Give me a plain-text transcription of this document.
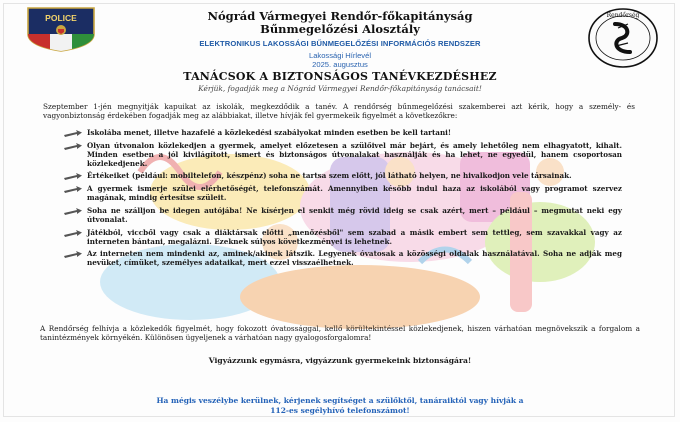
POLICE	Rendőrség
Nógrád Vármegyei Rendőr-főkapitányság
Bűnmegelőzési Alosztály
ELEKTRONIKUS LAKOSSÁGI BŰNMEGELŐZÉSI INFORMÁCIÓS RENDSZER
Lakossági Hírlevél
2025. augusztus
TANÁCSOK A BIZTONSÁGOS TANÉVKEZDÉSHEZ
Kérjük, fogadják meg a Nógrád Vármegyei Rendőr-főkapitányság tanácsait!
Szeptember 1-jén megnyitják kapuikat az iskolák, megkezdődik a tanév. A rendőrség bűnmegelőzési szakemberei azt kérik, hogy a személy- és vagyonbiztonság érdekében fogadják meg az alábbiakat, illetve hívják fel gyermekeik figyelmét a következőkre:
Iskolába menet, illetve hazafelé a közlekedési szabályokat minden esetben be kell tartani!
Olyan útvonalon közlekedjen a gyermek, amelyet előzetesen a szülőivel már bejárt, és amely lehetőleg nem elhagyatott, kihalt. Minden esetben a jól kivilágított, ismert és biztonságos útvonalakat használják és ha lehet, ne egyedül, hanem csoportosan közlekedjenek.
Értékeiket (például: mobiltelefon, készpénz) soha ne tartsa szem előtt, jól látható helyen, ne hivalkodjon vele társainak.
A gyermek ismerje szülei elérhetőségét, telefonszámát. Amennyiben később indul haza az iskolából vagy programot szervez magának, mindig értesítse szüleit.
Soha ne szálljon be idegen autójába! Ne kísérjen el senkit még rövid ideig se csak azért, mert – például – megmutat neki egy útvonalat.
Játékból, viccből vagy csak a diáktársak előtti „menőzésből" sem szabad a másik embert sem tettleg, sem szavakkal vagy az interneten bántani, megalázni. Ezeknek súlyos következményei is lehetnek.
Az interneten nem mindenki az, aminek/akinek látszik. Legyenek óvatosak a közösségi oldalak használatával. Soha ne adják meg nevüket, címüket, személyes adataikat, mert ezzel visszaélhetnek.
A Rendőrség felhívja a közlekedők figyelmét, hogy fokozott óvatossággal, kellő körültekintéssel közlekedjenek, hiszen várhatóan megnövekszik a forgalom a tanintézmények környékén. Különösen ügyeljenek a várhatóan nagy gyalogosforgalomra!
Vigyázzunk egymásra, vigyázzunk gyermekeink biztonságára!
Ha mégis veszélybe kerülnek, kérjenek segítséget a szülőktől, tanáraiktól vagy hívják a
112-es segélyhívó telefonszámot!
